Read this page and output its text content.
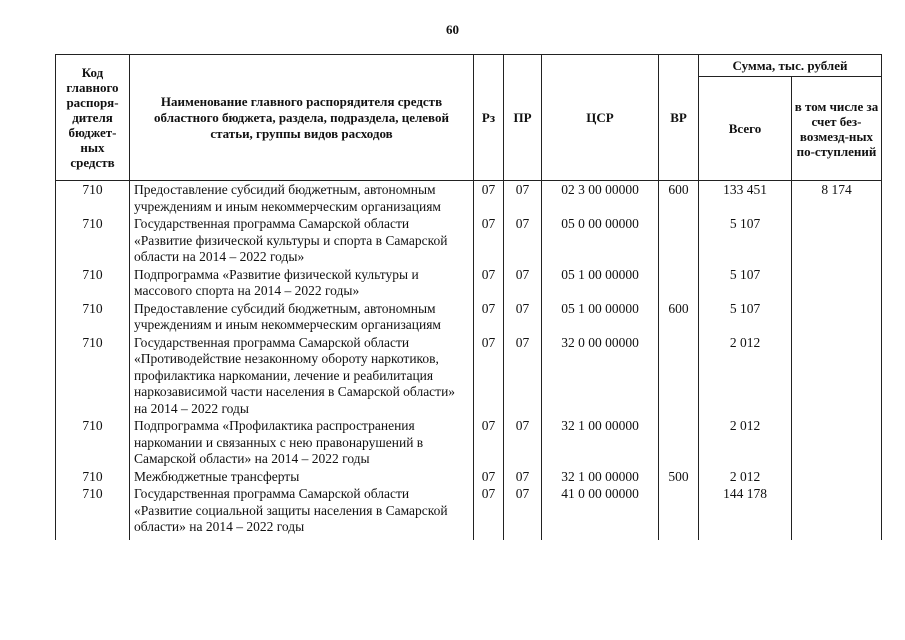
60
Код главного распоря-дителя бюджет-ных средств	Наименование главного распорядителя средств областного бюджета, раздела, подраздела, целевой статьи, группы видов расходов	Рз	ПР	ЦСР	ВР	Сумма, тыс. рублей	
						Всего	в том числе за счет без-возмезд-ных по-ступлений
710	Предоставление субсидий бюджетным, автономным учреждениям и иным некоммерческим организациям	07	07	02 3 00 00000	600	133 451	8 174
710	Государственная программа Самарской области «Развитие физической культуры и спорта в Самарской области на 2014 – 2022 годы»	07	07	05 0 00 00000		5 107	
710	Подпрограмма «Развитие физической культуры и массового спорта на 2014 – 2022 годы»	07	07	05 1 00 00000		5 107	
710	Предоставление субсидий бюджетным, автономным учреждениям и иным некоммерческим организациям	07	07	05 1 00 00000	600	5 107	
710	Государственная программа Самарской области «Противодействие незаконному обороту наркотиков, профилактика наркомании, лечение и реабилитация наркозависимой части населения в Самарской области» на 2014 – 2022 годы	07	07	32 0 00 00000		2 012	
710	Подпрограмма «Профилактика распространения наркомании и связанных с нею правонарушений в Самарской области» на 2014 – 2022 годы	07	07	32 1 00 00000		2 012	
710	Межбюджетные трансферты	07	07	32 1 00 00000	500	2 012	
710	Государственная программа Самарской области «Развитие социальной защиты населения в Самарской области» на 2014 – 2022 годы	07	07	41 0 00 00000		144 178	
